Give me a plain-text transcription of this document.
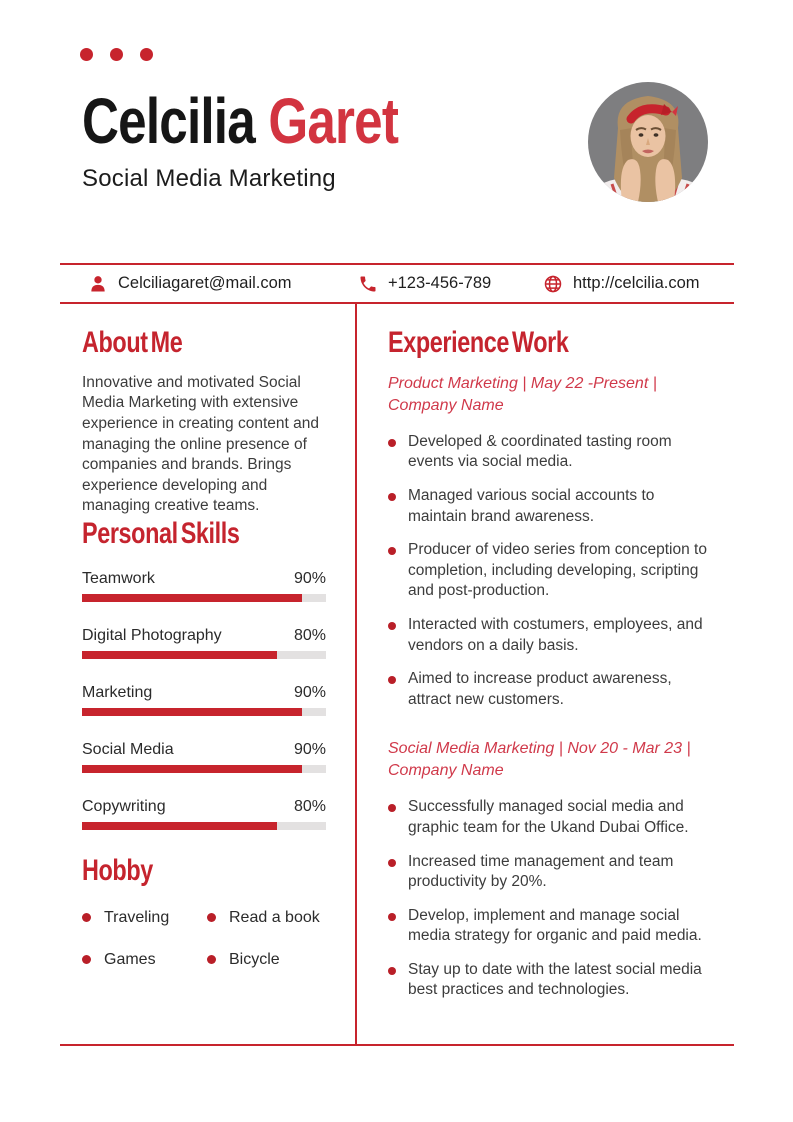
Celcilia Garet
Social Media Marketing
Celciliagaret@mail.com	+123-456-789	http://celcilia.com
About Me

Innovative and motivated Social Media Marketing with extensive experience in creating content and managing the online presence of companies and brands. Brings experience developing and managing creative teams.

Personal Skills
Teamwork	90%
Digital Photography	80%
Marketing	90%
Social Media	90%
Copywriting	80%
Hobby
Traveling	Read a book
Games	Bicycle
Experience Work

Product Marketing | May 22 -Present | Company Name

Developed & coordinated tasting room events via social media.

Managed various social accounts to maintain brand awareness.

Producer of video series from conception to completion, including developing, scripting and post-production.

Interacted with costumers, employees, and vendors on a daily basis.

Aimed to increase product awareness, attract new customers.

Social Media Marketing | Nov 20 - Mar 23 | Company Name

Successfully managed social media and graphic team for the Ukand Dubai Office.

Increased time management and team productivity by 20%.

Develop, implement and manage social media strategy for organic and paid media.

Stay up to date with the latest social media best practices and technologies.
